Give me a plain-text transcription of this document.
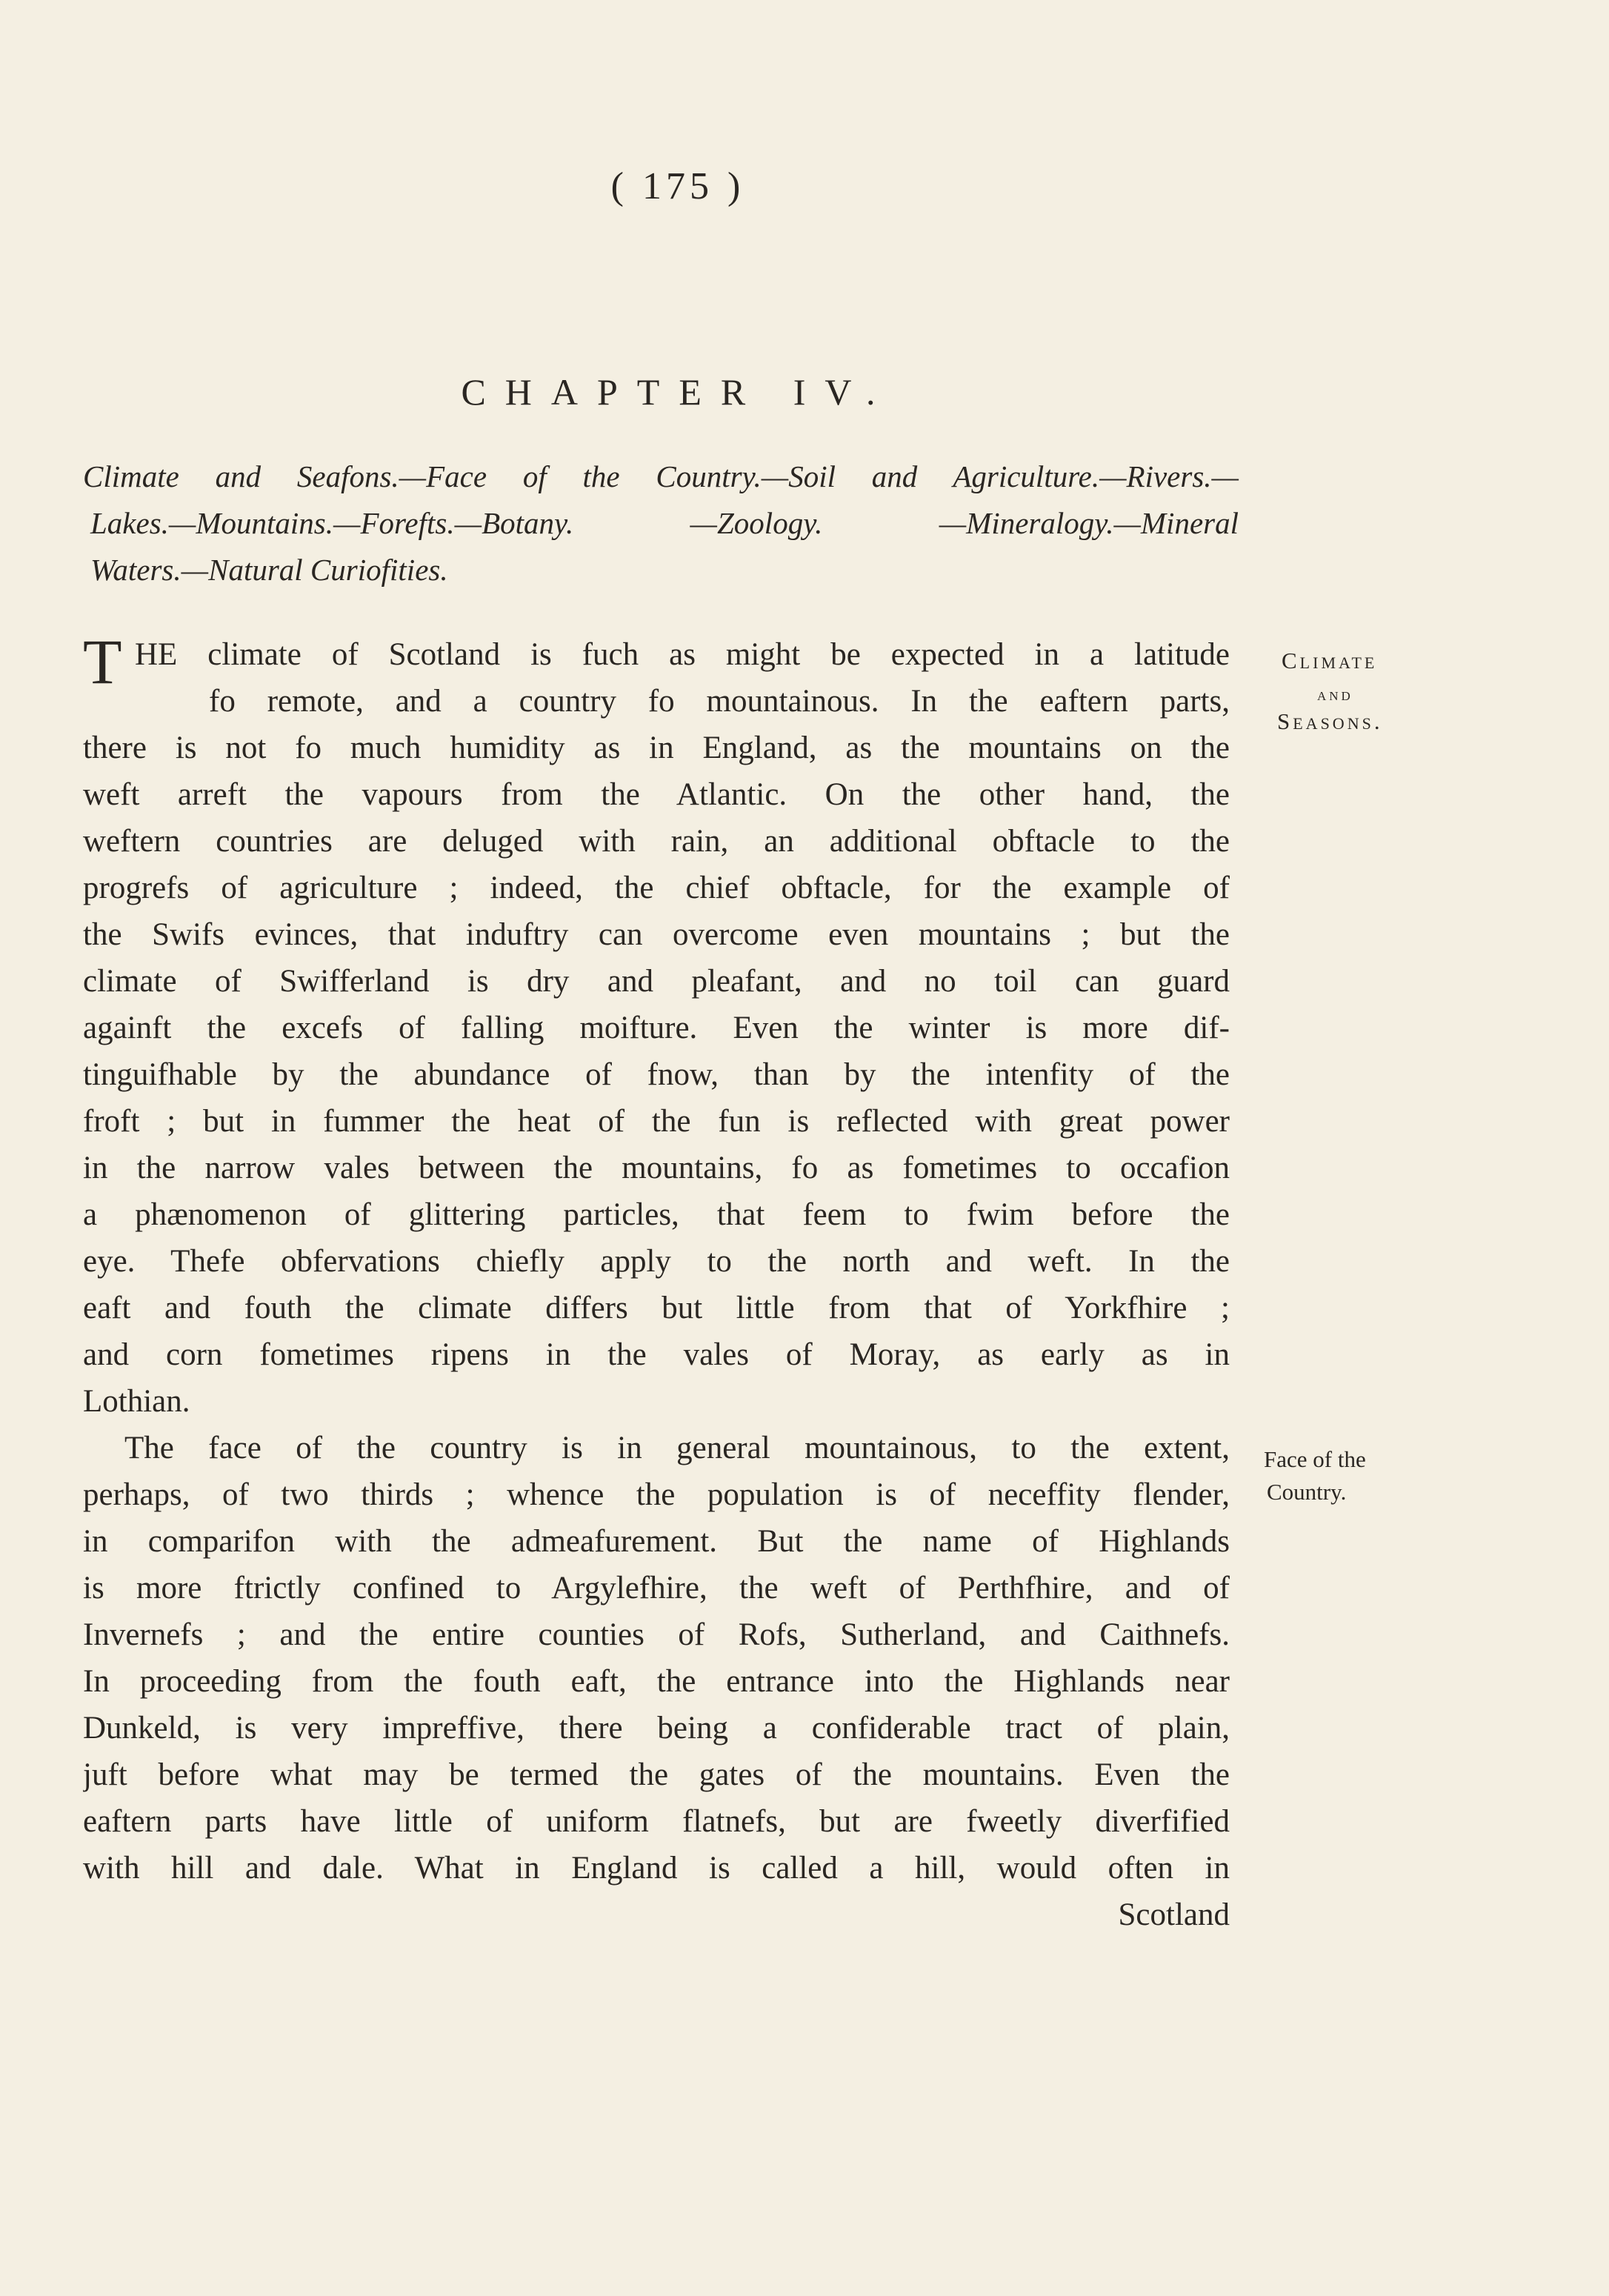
( 175 )
CHAPTER IV.
Climate and Seafons.—Face of the Country.—Soil and Agriculture.—Rivers.—
Lakes.—Mountains.—Forefts.—Botany. —Zoology. —Mineralogy.—Mineral
Waters.—Natural Curiofities.
T HE climate of Scotland is fuch as might be expected in a latitude
fo remote, and a country fo mountainous. In the eaftern parts,
there is not fo much humidity as in England, as the mountains on the
weft arreft the vapours from the Atlantic. On the other hand, the
weftern countries are deluged with rain, an additional obftacle to the
progrefs of agriculture ; indeed, the chief obftacle, for the example of
the Swifs evinces, that induftry can overcome even mountains ; but the
climate of Swifferland is dry and pleafant, and no toil can guard
againft the excefs of falling moifture. Even the winter is more dif-
tinguifhable by the abundance of fnow, than by the intenfity of the
froft ; but in fummer the heat of the fun is reflected with great power
in the narrow vales between the mountains, fo as fometimes to occafion
a phænomenon of glittering particles, that feem to fwim before the
eye. Thefe obfervations chiefly apply to the north and weft. In the
eaft and fouth the climate differs but little from that of Yorkfhire ;
and corn fometimes ripens in the vales of Moray, as early as in
Lothian.
The face of the country is in general mountainous, to the extent,
perhaps, of two thirds ; whence the population is of neceffity flender,
in comparifon with the admeafurement. But the name of Highlands
is more ftrictly confined to Argylefhire, the weft of Perthfhire, and of
Invernefs ; and the entire counties of Rofs, Sutherland, and Caithnefs.
In proceeding from the fouth eaft, the entrance into the Highlands near
Dunkeld, is very impreffive, there being a confiderable tract of plain,
juft before what may be termed the gates of the mountains. Even the
eaftern parts have little of uniform flatnefs, but are fweetly diverfified
with hill and dale. What in England is called a hill, would often in
Scotland
Climate
and
Seasons.
Face of the
Country.
